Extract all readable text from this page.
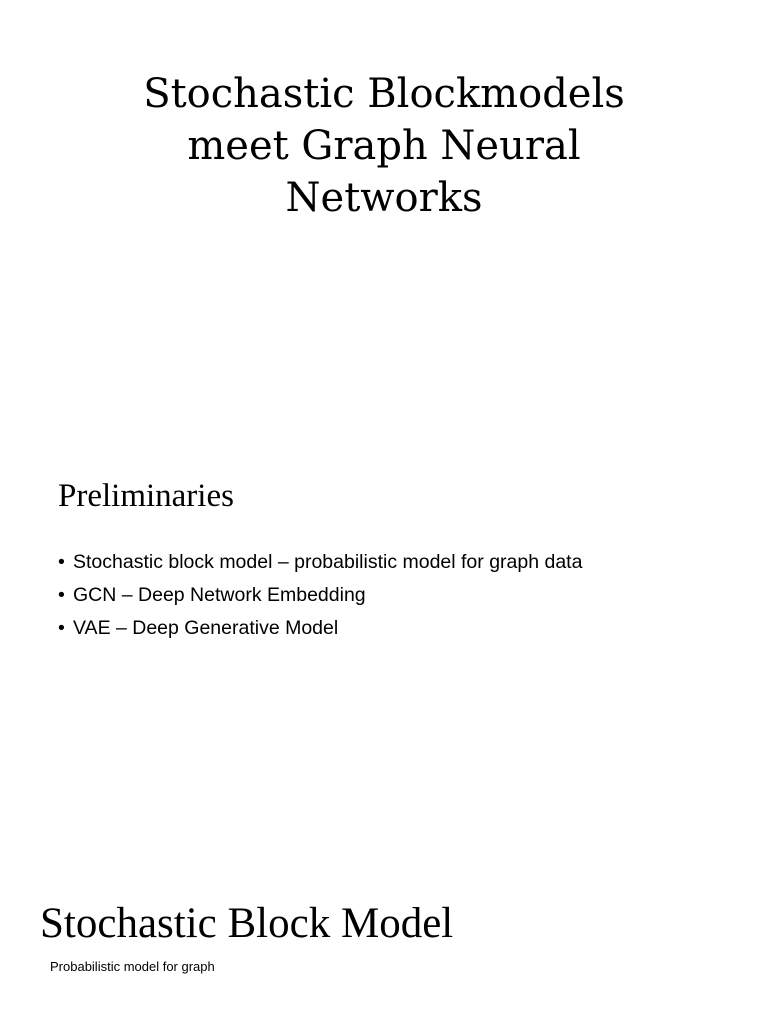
Stochastic Blockmodels
meet Graph Neural
Networks
Preliminaries
• Stochastic block model – probabilistic model for graph data
• GCN – Deep Network Embedding
• VAE – Deep Generative Model
Stochastic Block Model

Probabilistic model for graph
